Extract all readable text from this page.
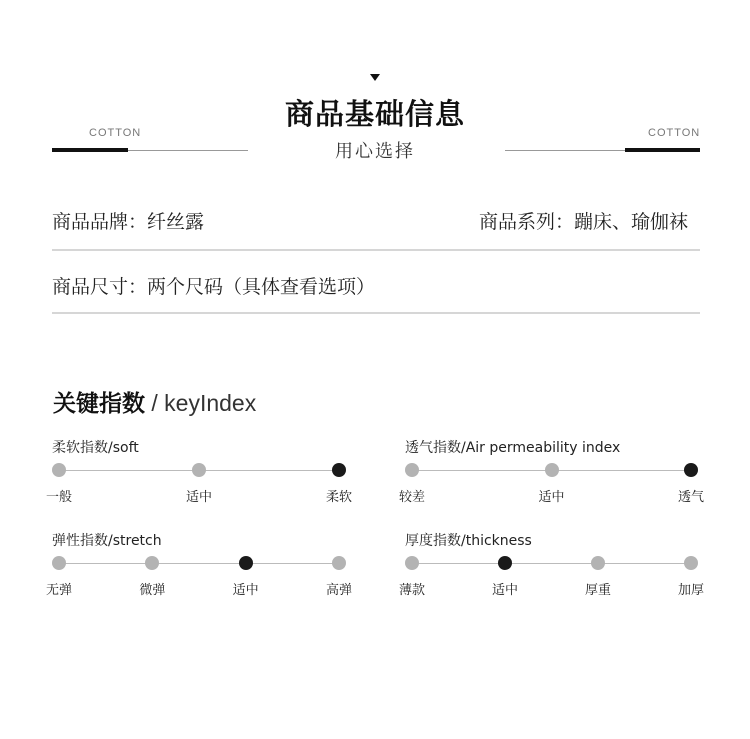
商品基础信息
用心选择
COTTON	COTTON
商品品牌：纤丝露	商品系列：蹦床、瑜伽袜
商品尺寸：两个尺码（具体查看选项）
关键指数 / keyIndex
柔软指数/soft
一般	适中	柔软
透气指数/Air permeability index
较差	适中	透气
弹性指数/stretch
无弹	微弹	适中	高弹
厚度指数/thickness
薄款	适中	厚重	加厚
